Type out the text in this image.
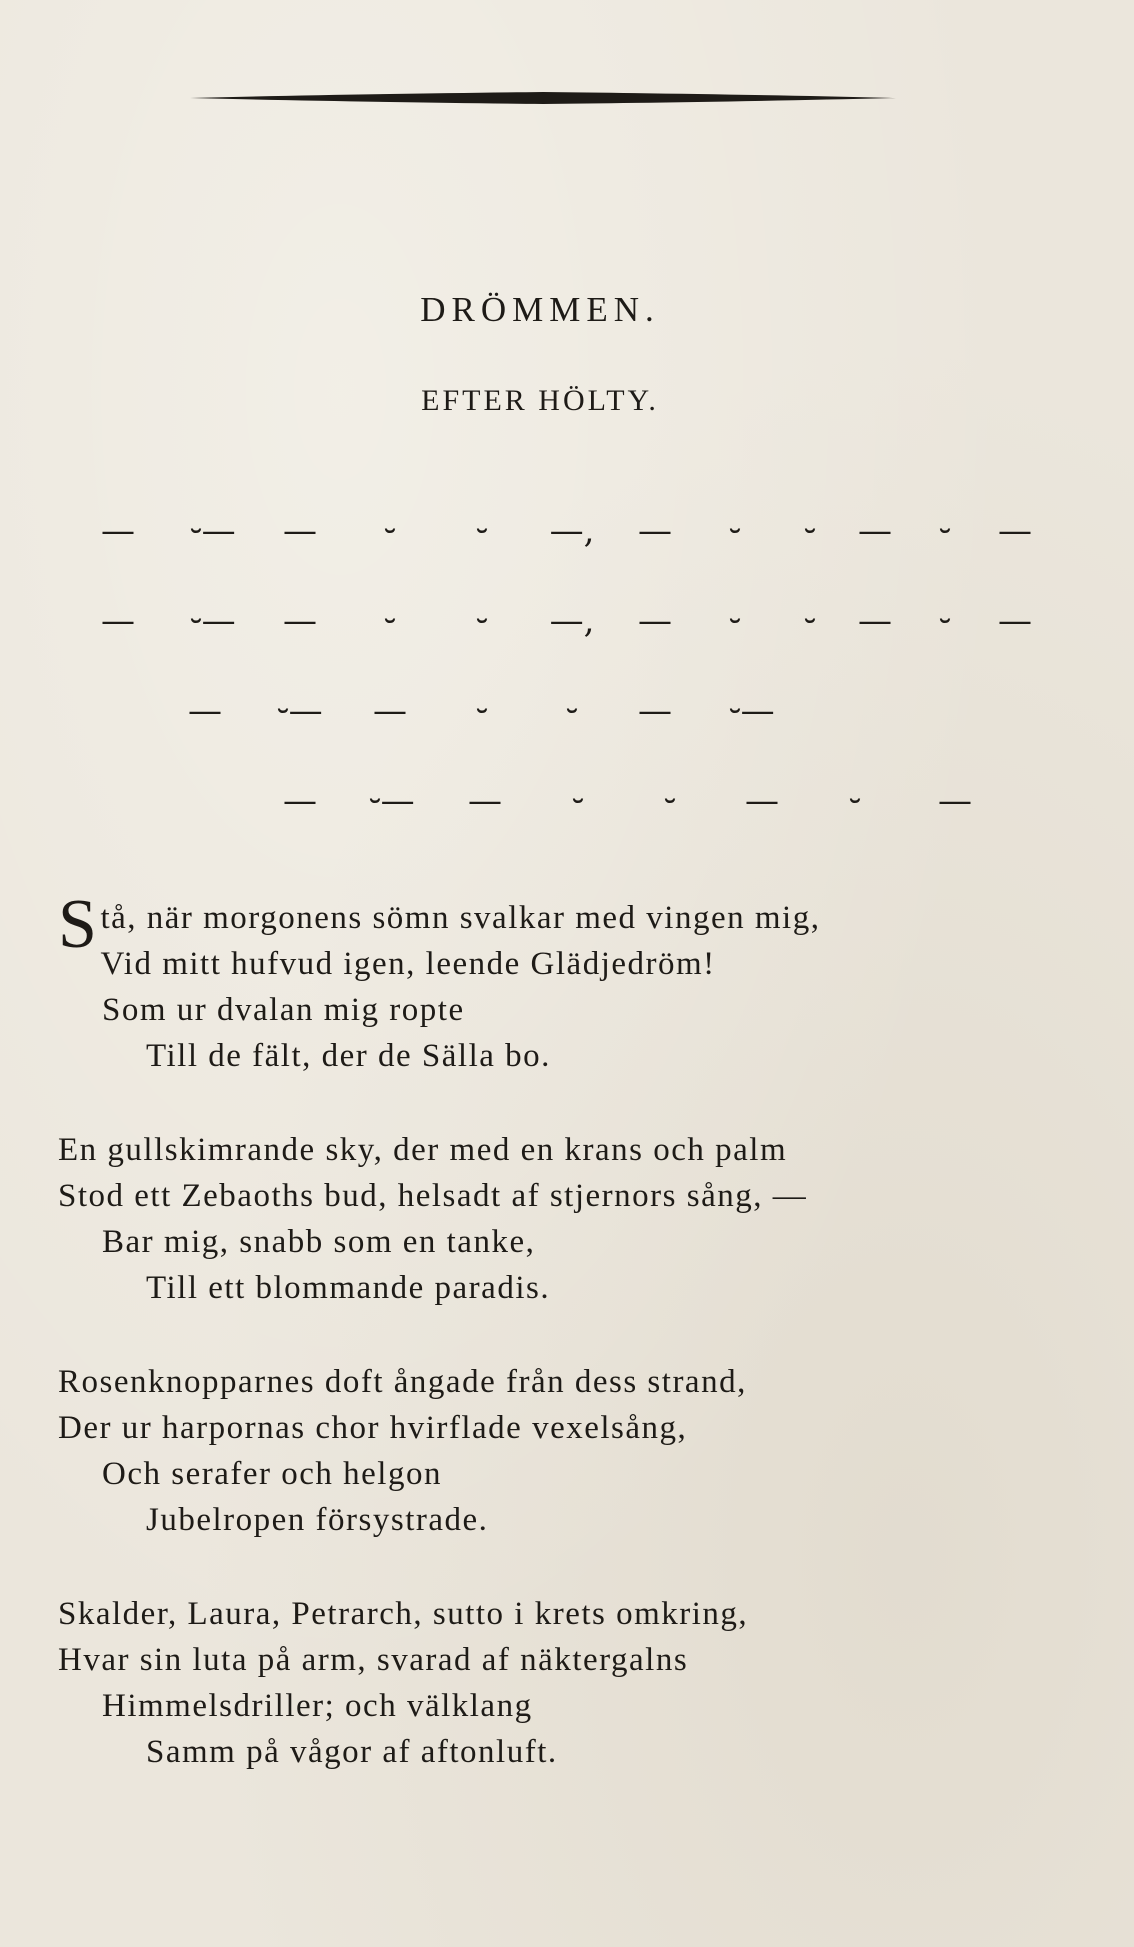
DRÖMMEN.
EFTER HÖLTY.
— ⏑— — ⏑ ⏑ —, — ⏑ ⏑ — ⏑ —
— ⏑— — ⏑ ⏑ —, — ⏑ ⏑ — ⏑ —
— ⏑— — ⏑ ⏑ — ⏑—
— ⏑— — ⏑ ⏑ — ⏑ —
Stå, när morgonens sömn svalkar med vingen mig,
Vid mitt hufvud igen, leende Glädjedröm!
Som ur dvalan mig ropte
Till de fält, der de Sälla bo.
En gullskimrande sky, der med en krans och palm
Stod ett Zebaoths bud, helsadt af stjernors sång, —
Bar mig, snabb som en tanke,
Till ett blommande paradis.
Rosenknopparnes doft ångade från dess strand,
Der ur harpornas chor hvirflade vexelsång,
Och serafer och helgon
Jubelropen försystrade.
Skalder, Laura, Petrarch, sutto i krets omkring,
Hvar sin luta på arm, svarad af näktergalns
Himmelsdriller; och välklang
Samm på vågor af aftonluft.
